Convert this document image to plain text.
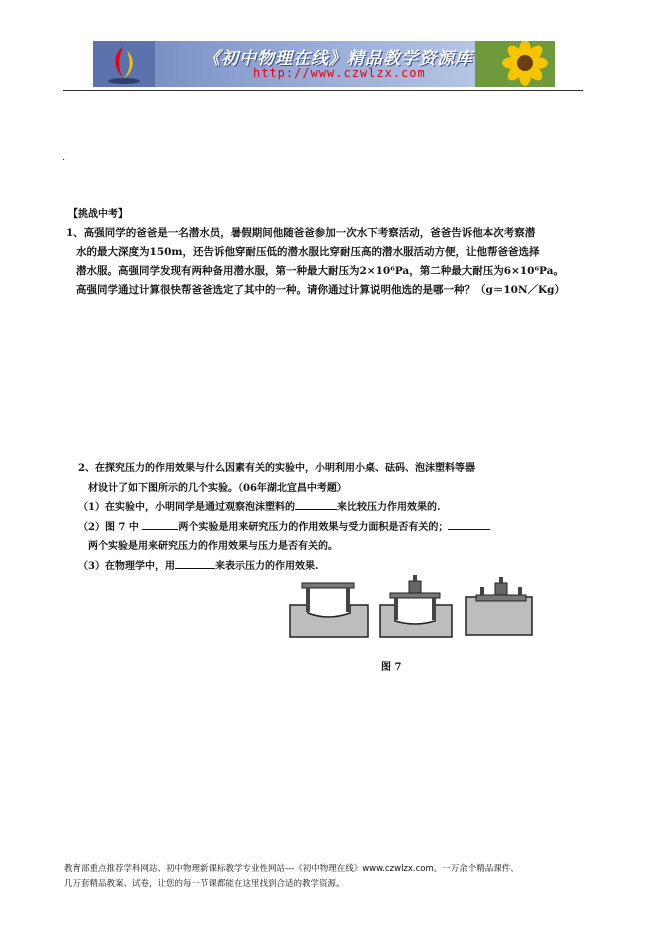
《初中物理在线》精品教学资源库
http://www.czwlzx.com
.
【挑战中考】
1、高强同学的爸爸是一名潜水员，暑假期间他随爸爸参加一次水下考察活动，爸爸告诉他本次考察潜
水的最大深度为150m，还告诉他穿耐压低的潜水服比穿耐压高的潜水服活动方便，让他帮爸爸选择
潜水服。高强同学发现有两种备用潜水服，第一种最大耐压为2×10⁶Pa，第二种最大耐压为6×10⁶Pa。
高强同学通过计算很快帮爸爸选定了其中的一种。请你通过计算说明他选的是哪一种？（g＝10N／Kg）
2、在探究压力的作用效果与什么因素有关的实验中，小明利用小桌、砝码、泡沫塑料等器
材设计了如下图所示的几个实验。（06年湖北宜昌中考题）
（1）在实验中，小明同学是通过观察泡沫塑料的	来比较压力作用效果的.
（2）图 7 中	两个实验是用来研究压力的作用效果与受力面积是否有关的；
两个实验是用来研究压力的作用效果与压力是否有关的。
（3）在物理学中，用	来表示压力的作用效果.
图 7
教育部重点推荐学科网站、初中物理新课标教学专业性网站---《初中物理在线》www.czwlzx.com。一万余个精品课件、
几万套精品教案、试卷，让您的每一节课都能在这里找到合适的教学资源。
